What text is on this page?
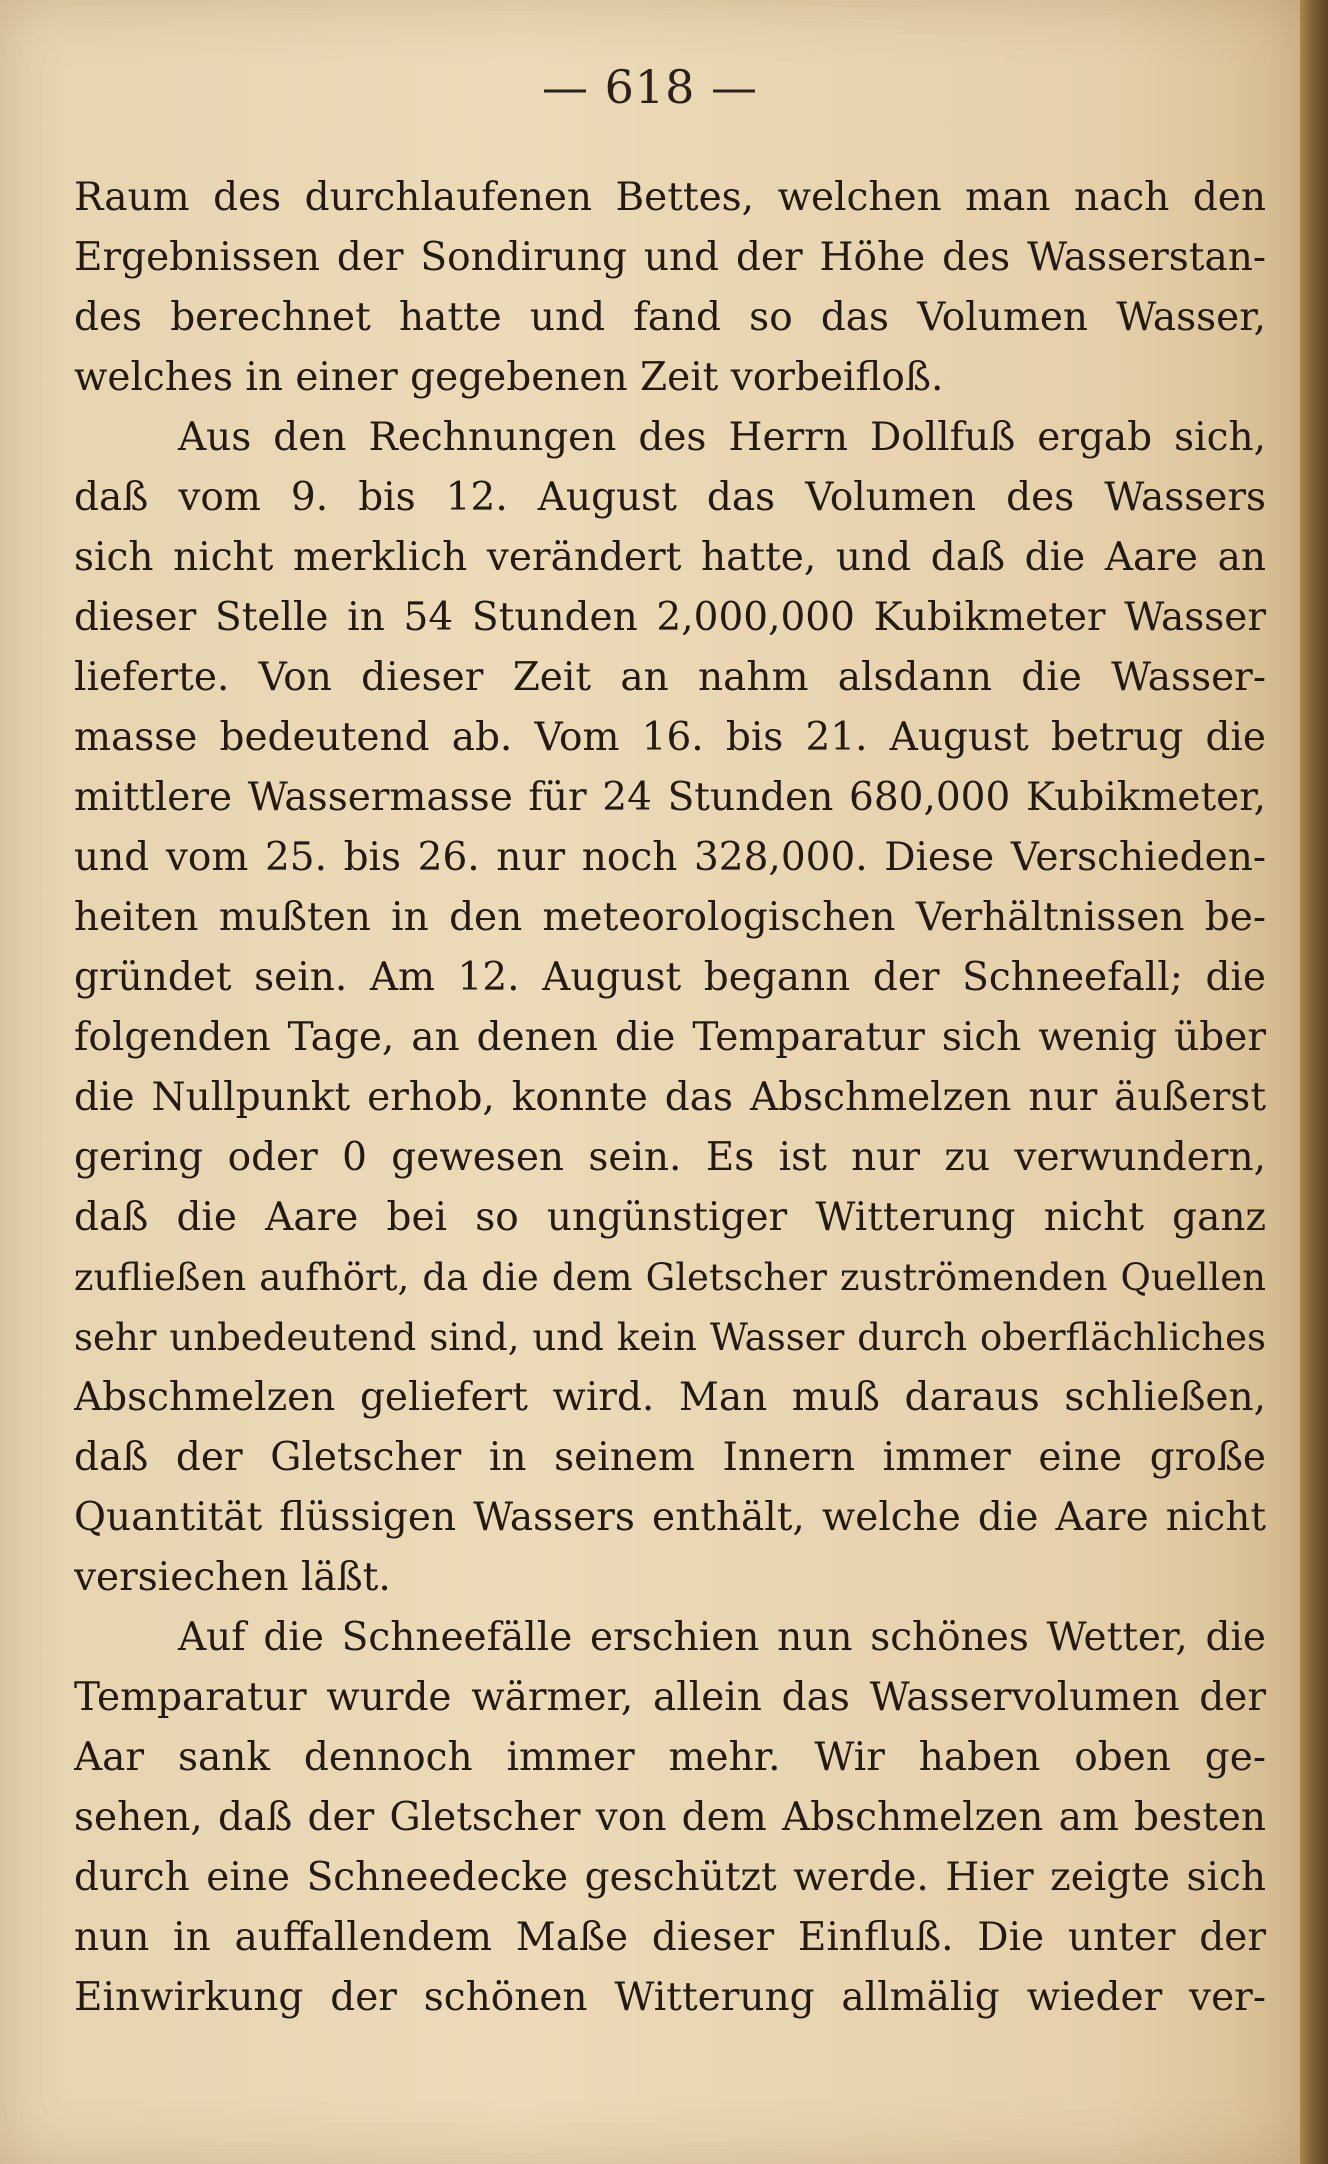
— 618 —
Raum des durchlaufenen Bettes, welchen man nach den
Ergebnissen der Sondirung und der Höhe des Wasserstan-
des berechnet hatte und fand so das Volumen Wasser,
welches in einer gegebenen Zeit vorbeifloß.
Aus den Rechnungen des Herrn Dollfuß ergab sich,
daß vom 9. bis 12. August das Volumen des Wassers
sich nicht merklich verändert hatte, und daß die Aare an
dieser Stelle in 54 Stunden 2,000,000 Kubikmeter Wasser
lieferte. Von dieser Zeit an nahm alsdann die Wasser-
masse bedeutend ab. Vom 16. bis 21. August betrug die
mittlere Wassermasse für 24 Stunden 680,000 Kubikmeter,
und vom 25. bis 26. nur noch 328,000. Diese Verschieden-
heiten mußten in den meteorologischen Verhältnissen be-
gründet sein. Am 12. August begann der Schneefall; die
folgenden Tage, an denen die Temparatur sich wenig über
die Nullpunkt erhob, konnte das Abschmelzen nur äußerst
gering oder 0 gewesen sein. Es ist nur zu verwundern,
daß die Aare bei so ungünstiger Witterung nicht ganz
zufließen aufhört, da die dem Gletscher zuströmenden Quellen
sehr unbedeutend sind, und kein Wasser durch oberflächliches
Abschmelzen geliefert wird. Man muß daraus schließen,
daß der Gletscher in seinem Innern immer eine große
Quantität flüssigen Wassers enthält, welche die Aare nicht
versiechen läßt.
Auf die Schneefälle erschien nun schönes Wetter, die
Temparatur wurde wärmer, allein das Wasservolumen der
Aar sank dennoch immer mehr. Wir haben oben ge-
sehen, daß der Gletscher von dem Abschmelzen am besten
durch eine Schneedecke geschützt werde. Hier zeigte sich
nun in auffallendem Maße dieser Einfluß. Die unter der
Einwirkung der schönen Witterung allmälig wieder ver-
